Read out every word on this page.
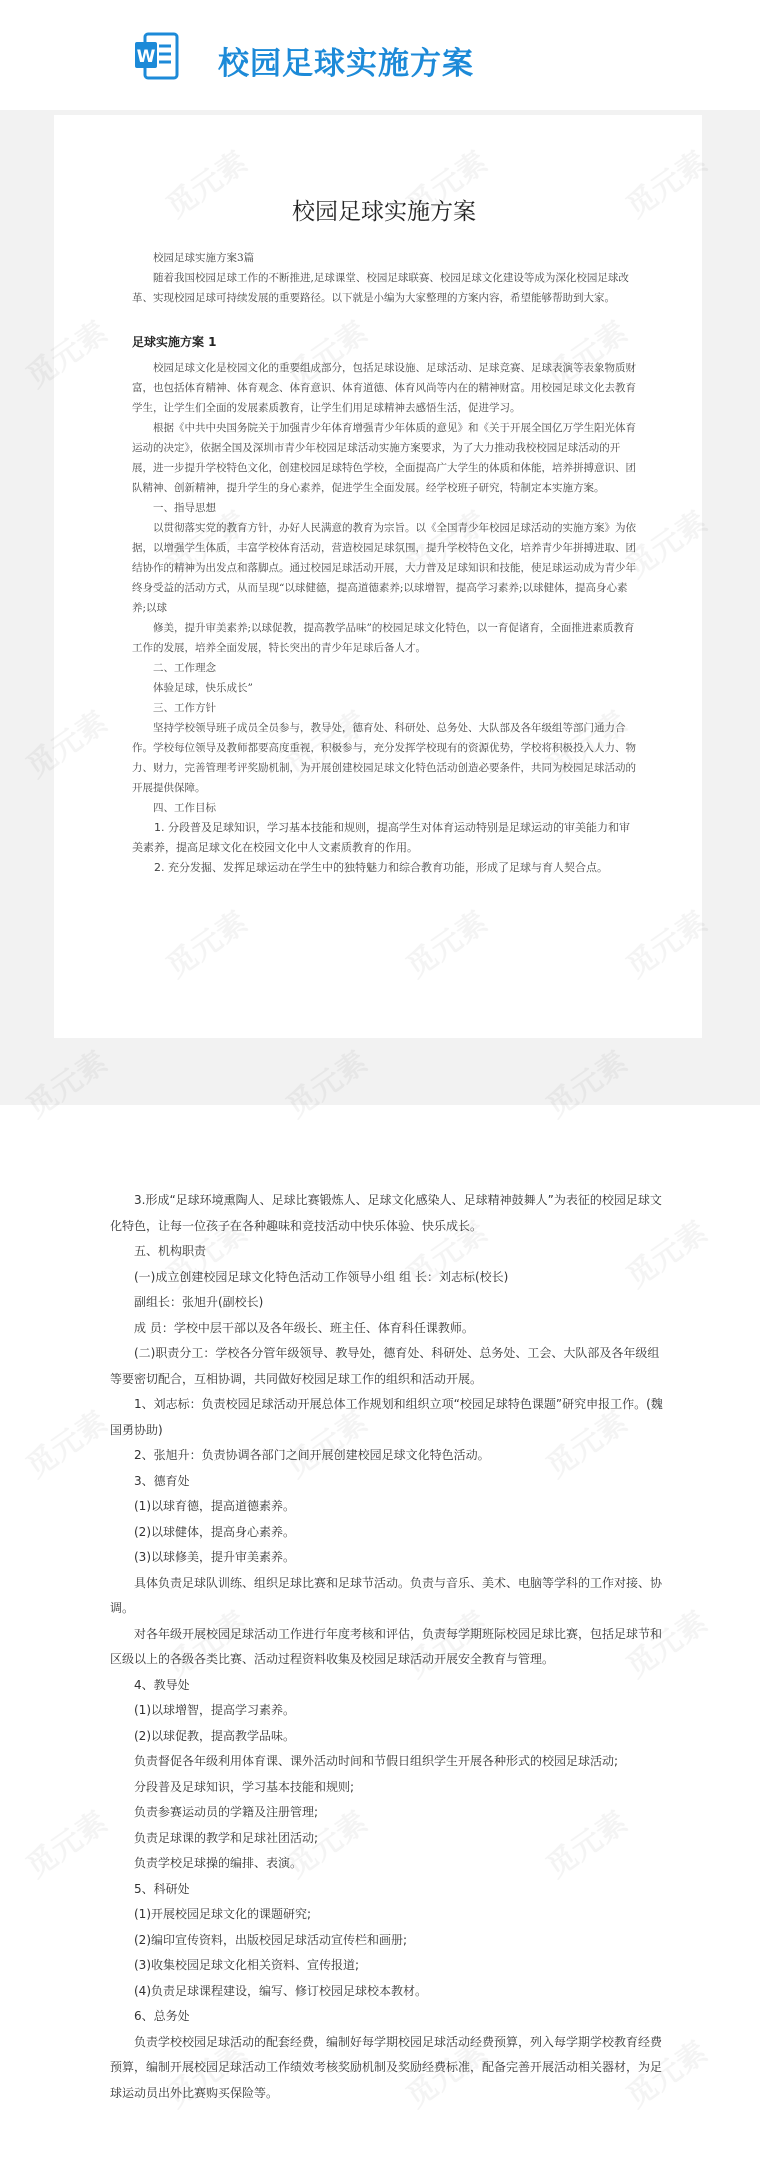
W 校园足球实施方案
校园足球实施方案

校园足球实施方案3篇

随着我国校园足球工作的不断推进,足球课堂、校园足球联赛、校园足球文化建设等成为深化校园足球改革、实现校园足球可持续发展的重要路径。以下就是小编为大家整理的方案内容，希望能够帮助到大家。

足球实施方案 1

校园足球文化是校园文化的重要组成部分，包括足球设施、足球活动、足球竞赛、足球表演等表象物质财富，也包括体育精神、体育观念、体育意识、体育道德、体育风尚等内在的精神财富。用校园足球文化去教育学生，让学生们全面的发展素质教育，让学生们用足球精神去感悟生活，促进学习。

根据《中共中央国务院关于加强青少年体育增强青少年体质的意见》和《关于开展全国亿万学生阳光体育运动的决定》，依据全国及深圳市青少年校园足球活动实施方案要求，为了大力推动我校校园足球活动的开展，进一步提升学校特色文化，创建校园足球特色学校，全面提高广大学生的体质和体能，培养拼搏意识、团队精神、创新精神，提升学生的身心素养，促进学生全面发展。经学校班子研究，特制定本实施方案。

一、指导思想

以贯彻落实党的教育方针，办好人民满意的教育为宗旨。以《全国青少年校园足球活动的实施方案》为依据，以增强学生体质，丰富学校体育活动，营造校园足球氛围，提升学校特色文化，培养青少年拼搏进取、团结协作的精神为出发点和落脚点。通过校园足球活动开展，大力普及足球知识和技能，使足球运动成为青少年终身受益的活动方式，从而呈现“以球健德，提高道德素养;以球增智，提高学习素养;以球健体，提高身心素养;以球

修美，提升审美素养;以球促教，提高教学品味”的校园足球文化特色，以一育促诸育，全面推进素质教育工作的发展，培养全面发展，特长突出的青少年足球后备人才。

二、工作理念

体验足球，快乐成长”

三、工作方针

坚持学校领导班子成员全员参与，教导处，德育处、科研处、总务处、大队部及各年级组等部门通力合作。学校每位领导及教师都要高度重视，积极参与，充分发挥学校现有的资源优势，学校将积极投入人力、物力、财力，完善管理考评奖励机制，为开展创建校园足球文化特色活动创造必要条件，共同为校园足球活动的开展提供保障。

四、工作目标

1. 分段普及足球知识，学习基本技能和规则，提高学生对体育运动特别是足球运动的审美能力和审美素养，提高足球文化在校园文化中人文素质教育的作用。

2. 充分发掘、发挥足球运动在学生中的独特魅力和综合教育功能，形成了足球与育人契合点。

3.形成“足球环境熏陶人、足球比赛锻炼人、足球文化感染人、足球精神鼓舞人”为表征的校园足球文化特色，让每一位孩子在各种趣味和竞技活动中快乐体验、快乐成长。

五、机构职责

(一)成立创建校园足球文化特色活动工作领导小组 组 长：刘志标(校长)

副组长：张旭升(副校长)

成 员：学校中层干部以及各年级长、班主任、体育科任课教师。

(二)职责分工：学校各分管年级领导、教导处，德育处、科研处、总务处、工会、大队部及各年级组等要密切配合，互相协调，共同做好校园足球工作的组织和活动开展。

1、刘志标：负责校园足球活动开展总体工作规划和组织立项“校园足球特色课题”研究申报工作。(魏国勇协助)

2、张旭升：负责协调各部门之间开展创建校园足球文化特色活动。

3、德育处

(1)以球育德，提高道德素养。

(2)以球健体，提高身心素养。

(3)以球修美，提升审美素养。

具体负责足球队训练、组织足球比赛和足球节活动。负责与音乐、美术、电脑等学科的工作对接、协调。

对各年级开展校园足球活动工作进行年度考核和评估，负责每学期班际校园足球比赛，包括足球节和区级以上的各级各类比赛、活动过程资料收集及校园足球活动开展安全教育与管理。

4、教导处

(1)以球增智，提高学习素养。

(2)以球促教，提高教学品味。

负责督促各年级利用体育课、课外活动时间和节假日组织学生开展各种形式的校园足球活动;

分段普及足球知识，学习基本技能和规则;

负责参赛运动员的学籍及注册管理;

负责足球课的教学和足球社团活动;

负责学校足球操的编排、表演。

5、科研处

(1)开展校园足球文化的课题研究;

(2)编印宣传资料，出版校园足球活动宣传栏和画册;

(3)收集校园足球文化相关资料、宣传报道;

(4)负责足球课程建设，编写、修订校园足球校本教材。

6、总务处

负责学校校园足球活动的配套经费，编制好每学期校园足球活动经费预算，列入每学期学校教育经费预算，编制开展校园足球活动工作绩效考核奖励机制及奖励经费标准，配备完善开展活动相关器材，为足球运动员出外比赛购买保险等。
